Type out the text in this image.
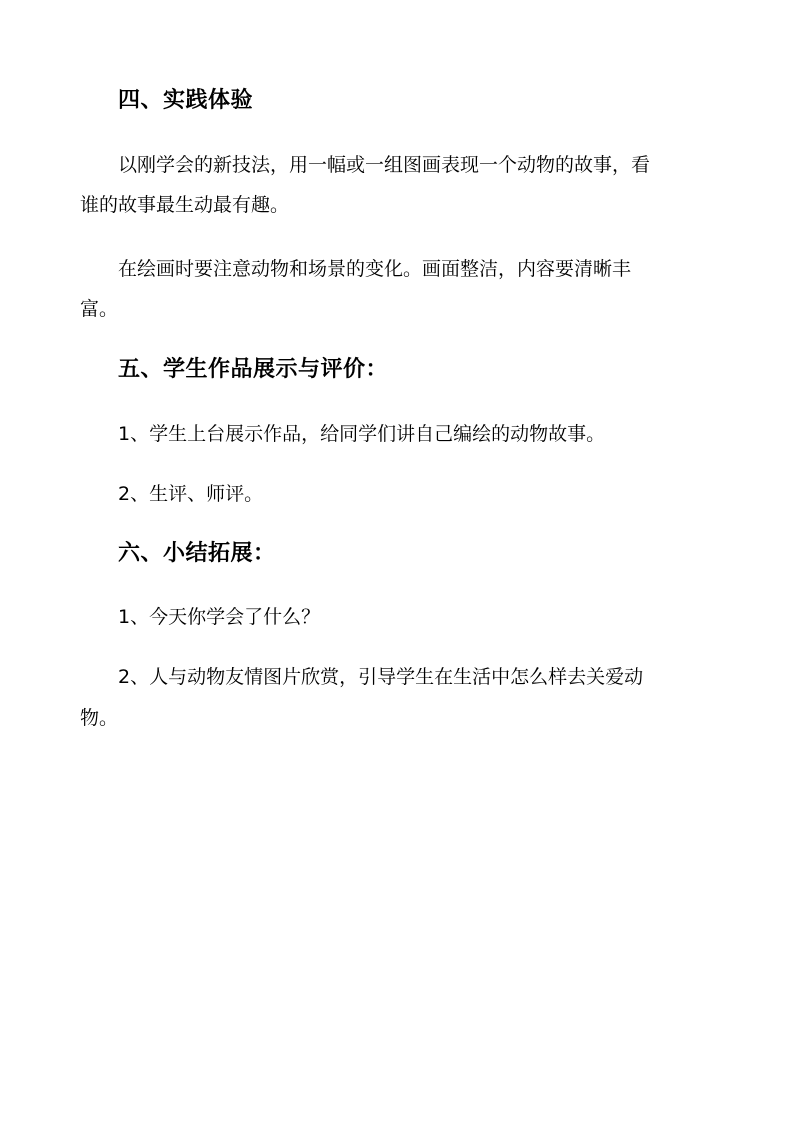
四、实践体验
以刚学会的新技法，用一幅或一组图画表现一个动物的故事，看
谁的故事最生动最有趣。
在绘画时要注意动物和场景的变化。画面整洁，内容要清晰丰
富。
五、学生作品展示与评价：
1、学生上台展示作品，给同学们讲自己编绘的动物故事。
2、生评、师评。
六、小结拓展：
1、今天你学会了什么？
2、人与动物友情图片欣赏，引导学生在生活中怎么样去关爱动
物。
